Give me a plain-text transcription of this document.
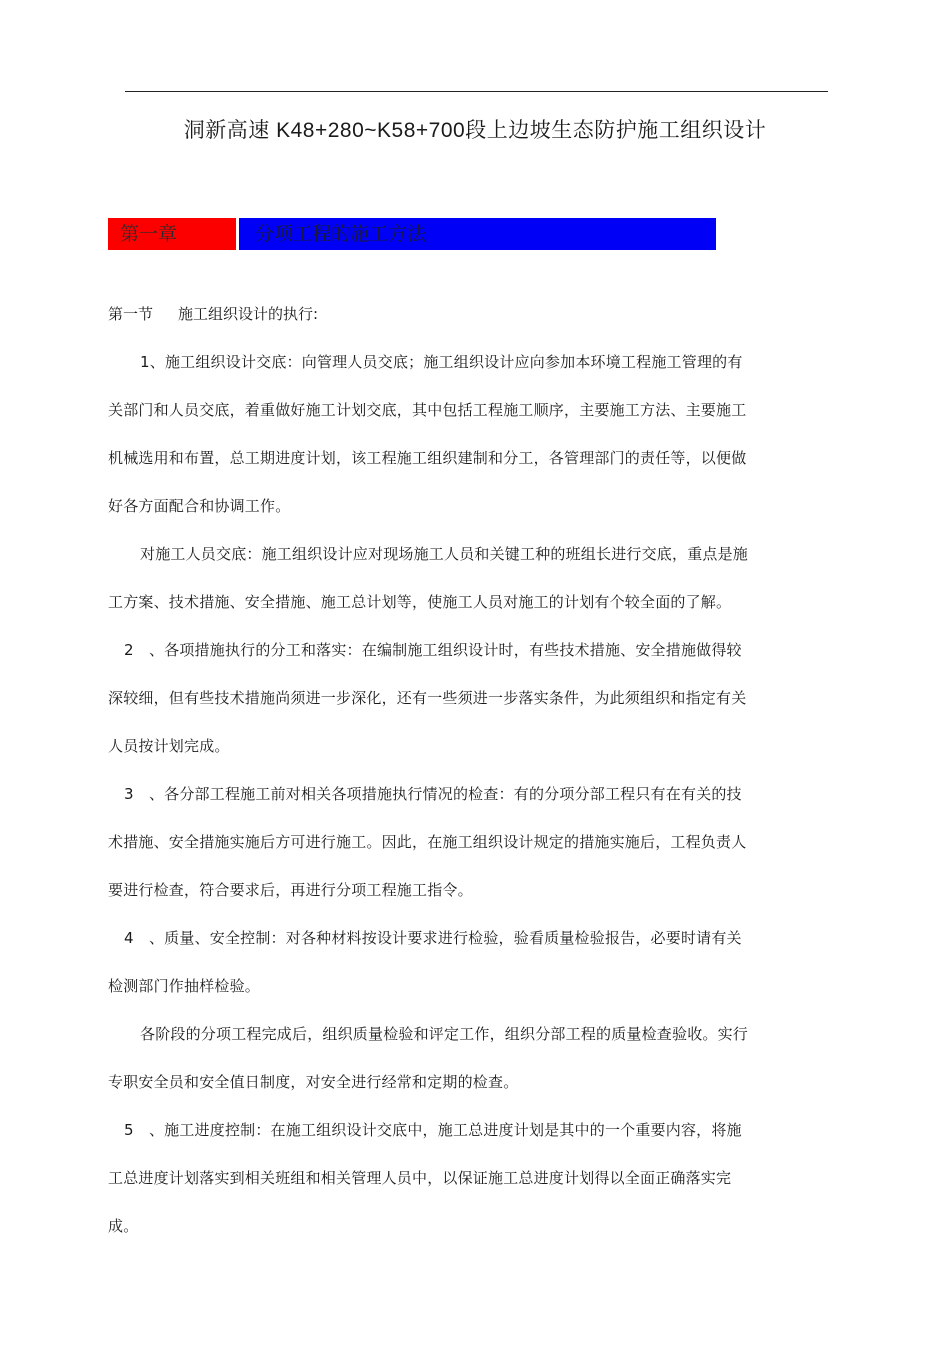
洞新高速 K48+280~K58+700段上边坡生态防护施工组织设计
第一章	分项工程的施工方法
第一节 施工组织设计的执行:
1、施工组织设计交底：向管理人员交底；施工组织设计应向参加本环境工程施工管理的有
关部门和人员交底，着重做好施工计划交底，其中包括工程施工顺序，主要施工方法、主要施工
机械选用和布置，总工期进度计划，该工程施工组织建制和分工，各管理部门的责任等，以便做
好各方面配合和协调工作。
对施工人员交底：施工组织设计应对现场施工人员和关键工种的班组长进行交底，重点是施
工方案、技术措施、安全措施、施工总计划等，使施工人员对施工的计划有个较全面的了解。
2　、各项措施执行的分工和落实：在编制施工组织设计时，有些技术措施、安全措施做得较
深较细，但有些技术措施尚须进一步深化，还有一些须进一步落实条件，为此须组织和指定有关
人员按计划完成。
3　、各分部工程施工前对相关各项措施执行情况的检查：有的分项分部工程只有在有关的技
术措施、安全措施实施后方可进行施工。因此，在施工组织设计规定的措施实施后，工程负责人
要进行检查，符合要求后，再进行分项工程施工指令。
4　、质量、安全控制：对各种材料按设计要求进行检验，验看质量检验报告，必要时请有关
检测部门作抽样检验。
各阶段的分项工程完成后，组织质量检验和评定工作，组织分部工程的质量检查验收。实行
专职安全员和安全值日制度，对安全进行经常和定期的检查。
5　、施工进度控制：在施工组织设计交底中，施工总进度计划是其中的一个重要内容，将施
工总进度计划落实到相关班组和相关管理人员中，以保证施工总进度计划得以全面正确落实完
成。
